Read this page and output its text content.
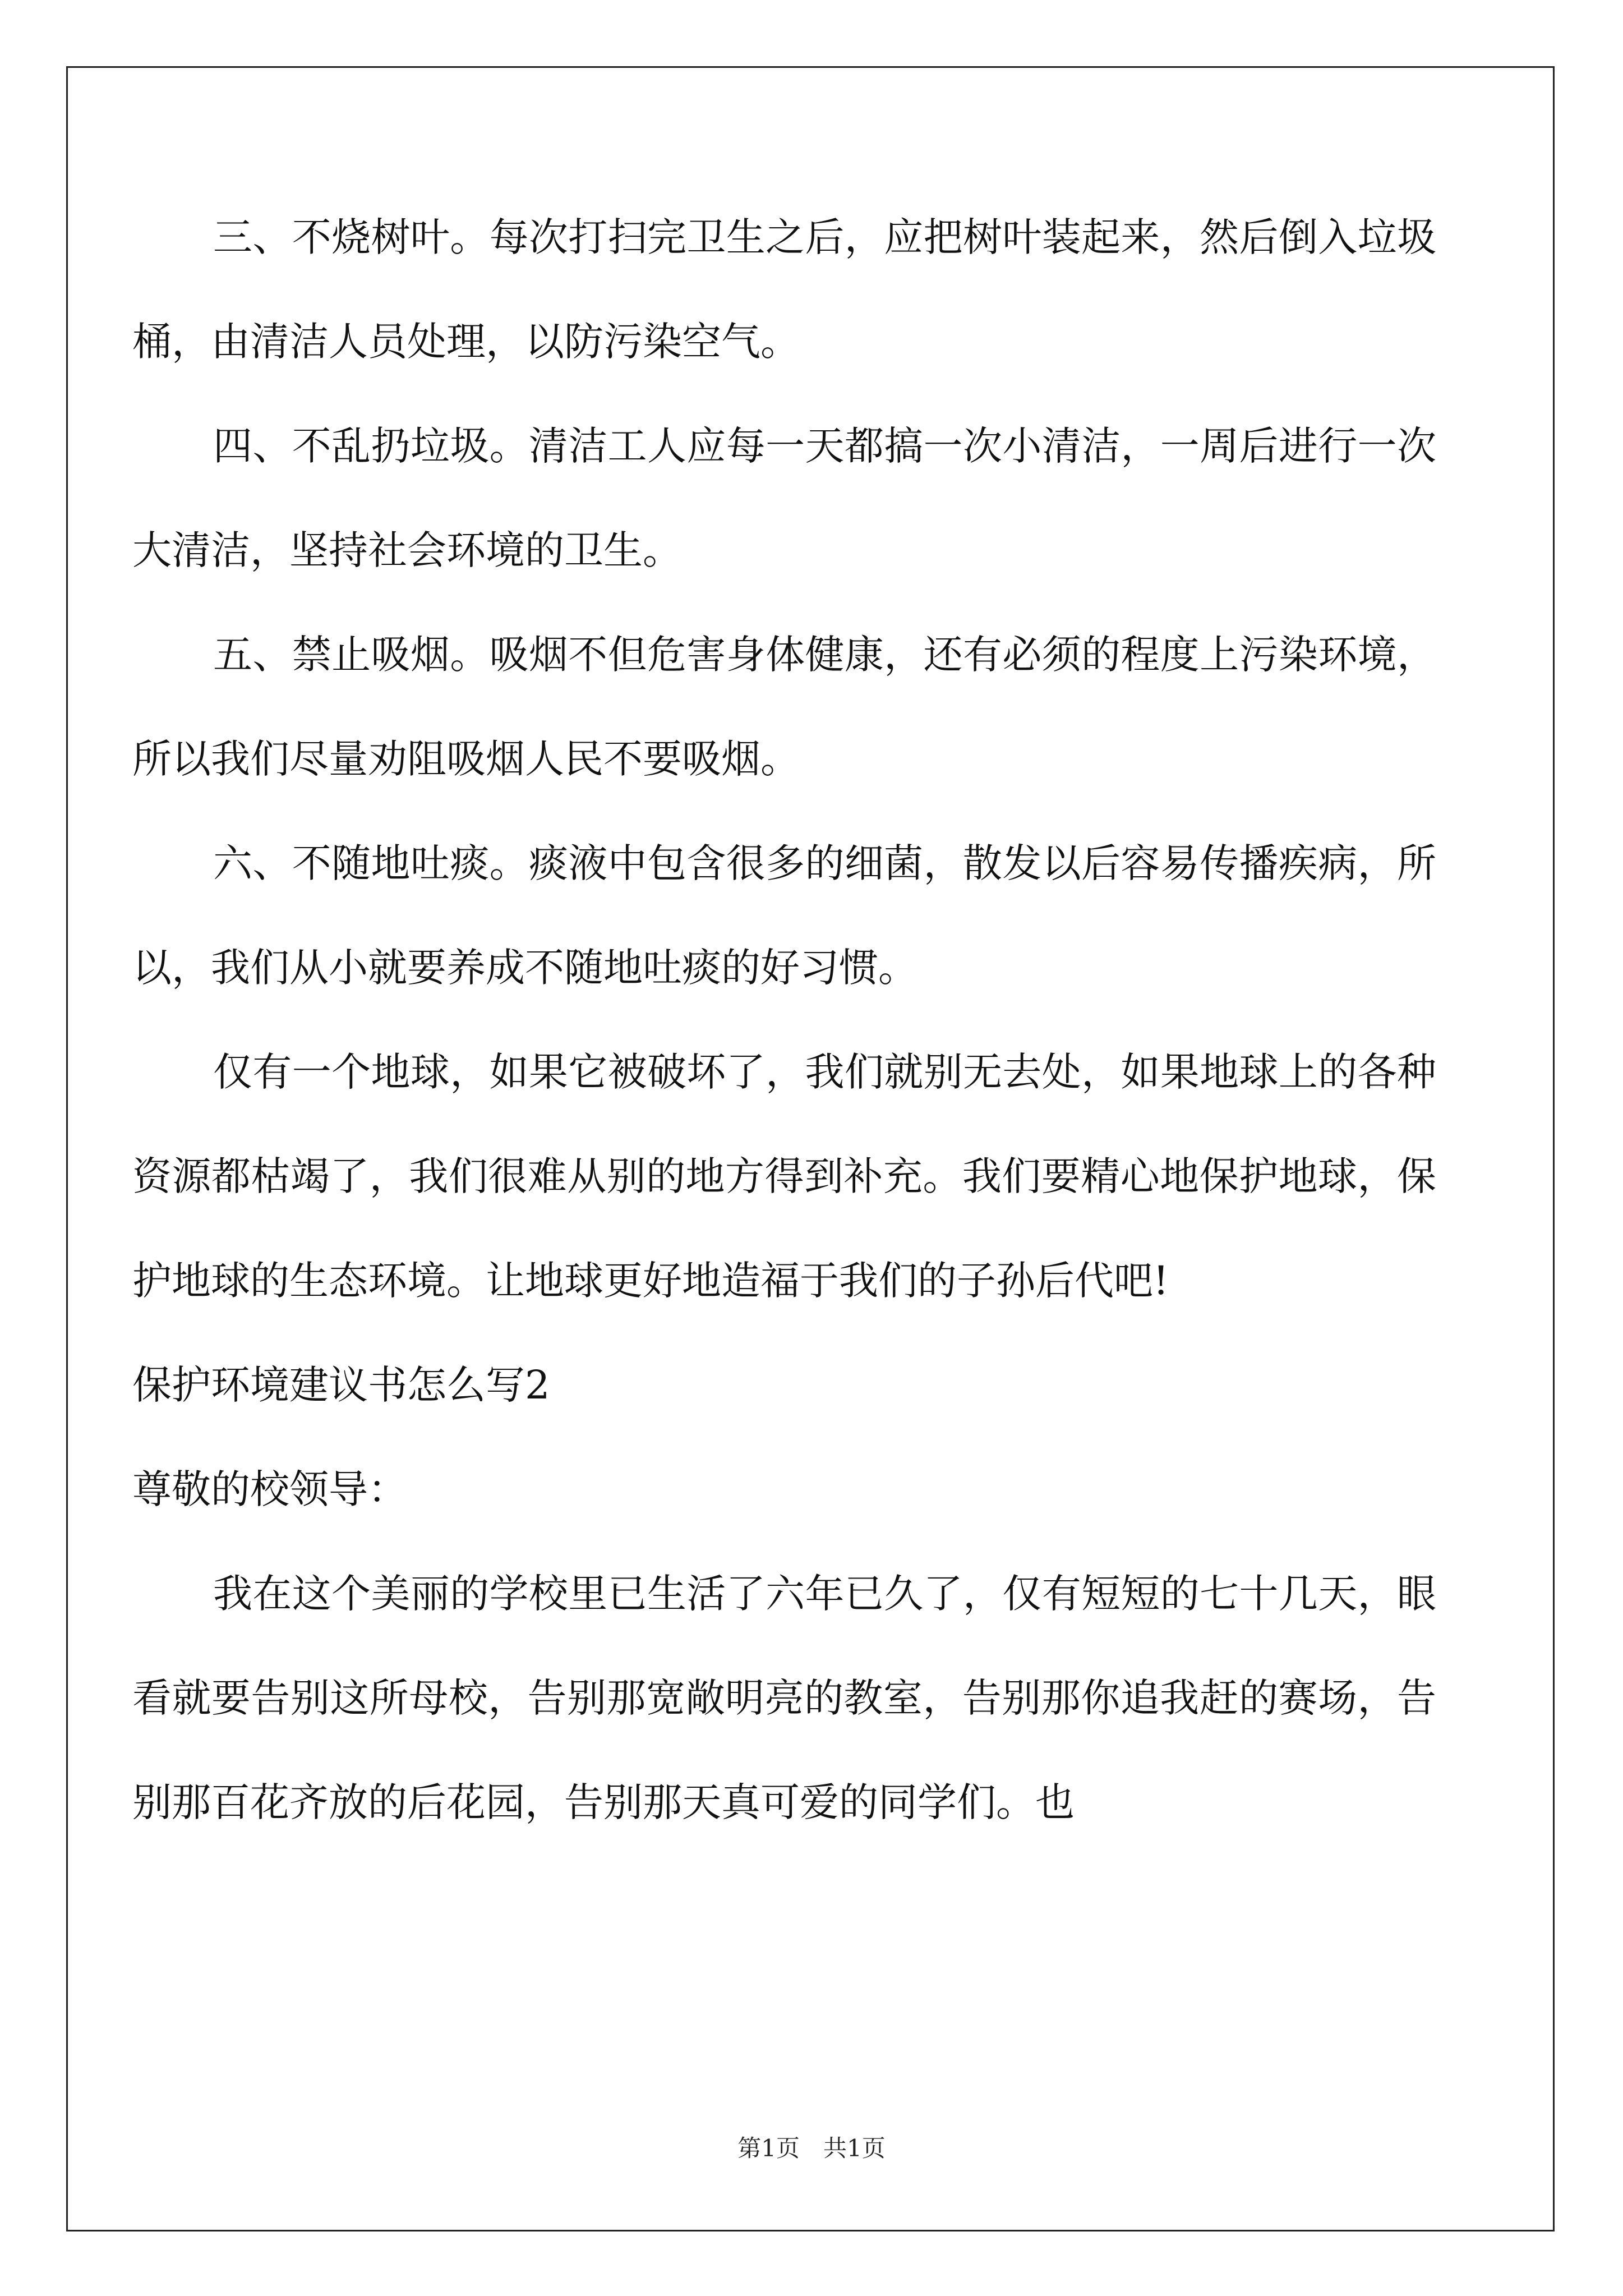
三、不烧树叶。每次打扫完卫生之后，应把树叶装起来，然后倒入垃圾桶，由清洁人员处理，以防污染空气。

四、不乱扔垃圾。清洁工人应每一天都搞一次小清洁，一周后进行一次大清洁，坚持社会环境的卫生。

五、禁止吸烟。吸烟不但危害身体健康，还有必须的程度上污染环境，所以我们尽量劝阻吸烟人民不要吸烟。

六、不随地吐痰。痰液中包含很多的细菌，散发以后容易传播疾病，所以，我们从小就要养成不随地吐痰的好习惯。

仅有一个地球，如果它被破坏了，我们就别无去处，如果地球上的各种资源都枯竭了，我们很难从别的地方得到补充。我们要精心地保护地球，保护地球的生态环境。让地球更好地造福于我们的子孙后代吧!

保护环境建议书怎么写2

尊敬的校领导：

我在这个美丽的学校里已生活了六年已久了，仅有短短的七十几天，眼看就要告别这所母校，告别那宽敞明亮的教室，告别那你追我赶的赛场，告别那百花齐放的后花园，告别那天真可爱的同学们。也

第1页　共1页
